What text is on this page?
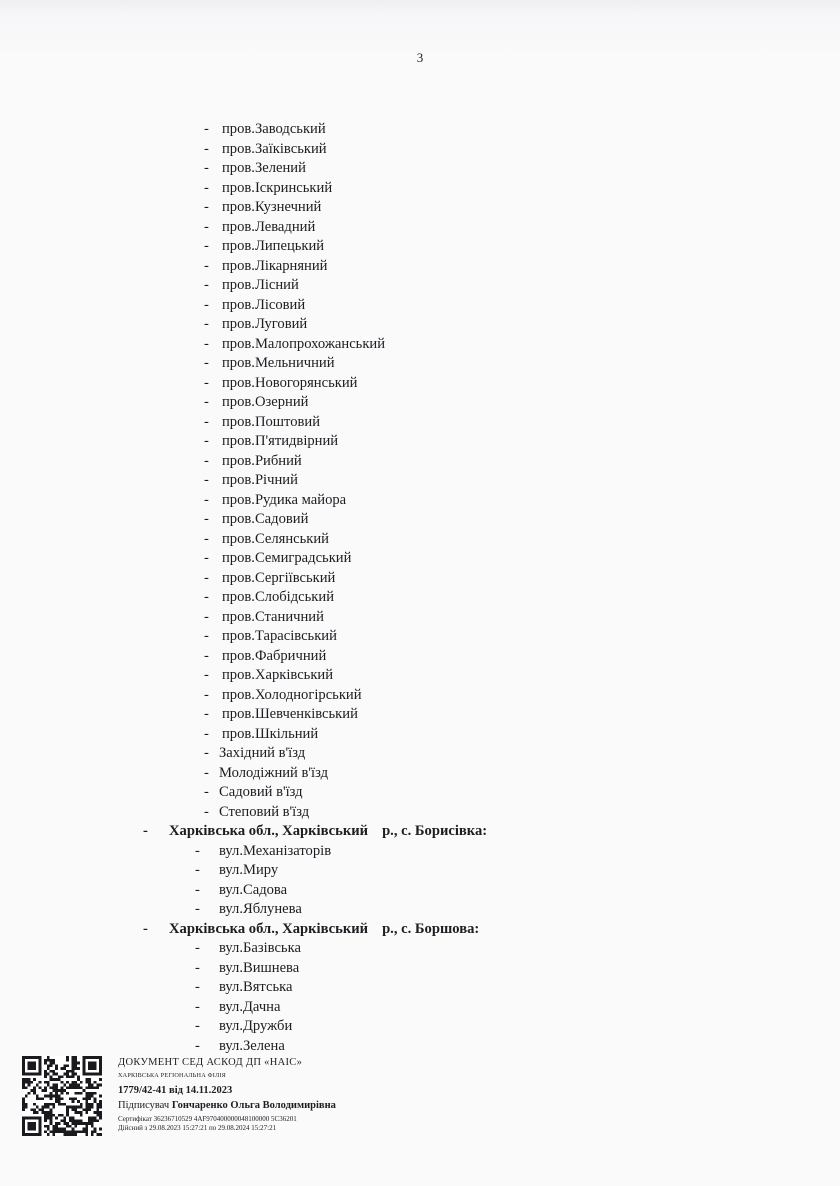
3
- пров.Заводський
- пров.Заїківський
- пров.Зелений
- пров.Іскринський
- пров.Кузнечний
- пров.Левадний
- пров.Липецький
- пров.Лікарняний
- пров.Лісний
- пров.Лісовий
- пров.Луговий
- пров.Малопрохожанський
- пров.Мельничний
- пров.Новогорянський
- пров.Озерний
- пров.Поштовий
- пров.П'ятидвірний
- пров.Рибний
- пров.Річний
- пров.Рудика майора
- пров.Садовий
- пров.Селянський
- пров.Семиградський
- пров.Сергіївський
- пров.Слобідський
- пров.Станичний
- пров.Тарасівський
- пров.Фабричний
- пров.Харківський
- пров.Холодногірський
- пров.Шевченківський
- пров.Шкільний
- Західний в'їзд
- Молодіжний в'їзд
- Садовий в'їзд
- Степовий в'їзд
- Харківська обл., Харківський р., с. Борисівка:
- вул.Механізаторів
- вул.Миру
- вул.Садова
- вул.Яблунева
- Харківська обл., Харківський р., с. Боршова:
- вул.Базівська
- вул.Вишнева
- вул.Вятська
- вул.Дачна
- вул.Дружби
- вул.Зелена
ДОКУМЕНТ СЕД АСКОД ДП «НАІС»
ХАРКІВСЬКА РЕГІОНАЛЬНА ФІЛІЯ
1779/42-41 від 14.11.2023
Підписувач Гончаренко Ольга Володимирівна
Сертифікат 36236710529 4AF970400000048100000 5C36201
Дійсний з 29.08.2023 15:27:21 по 29.08.2024 15:27:21
